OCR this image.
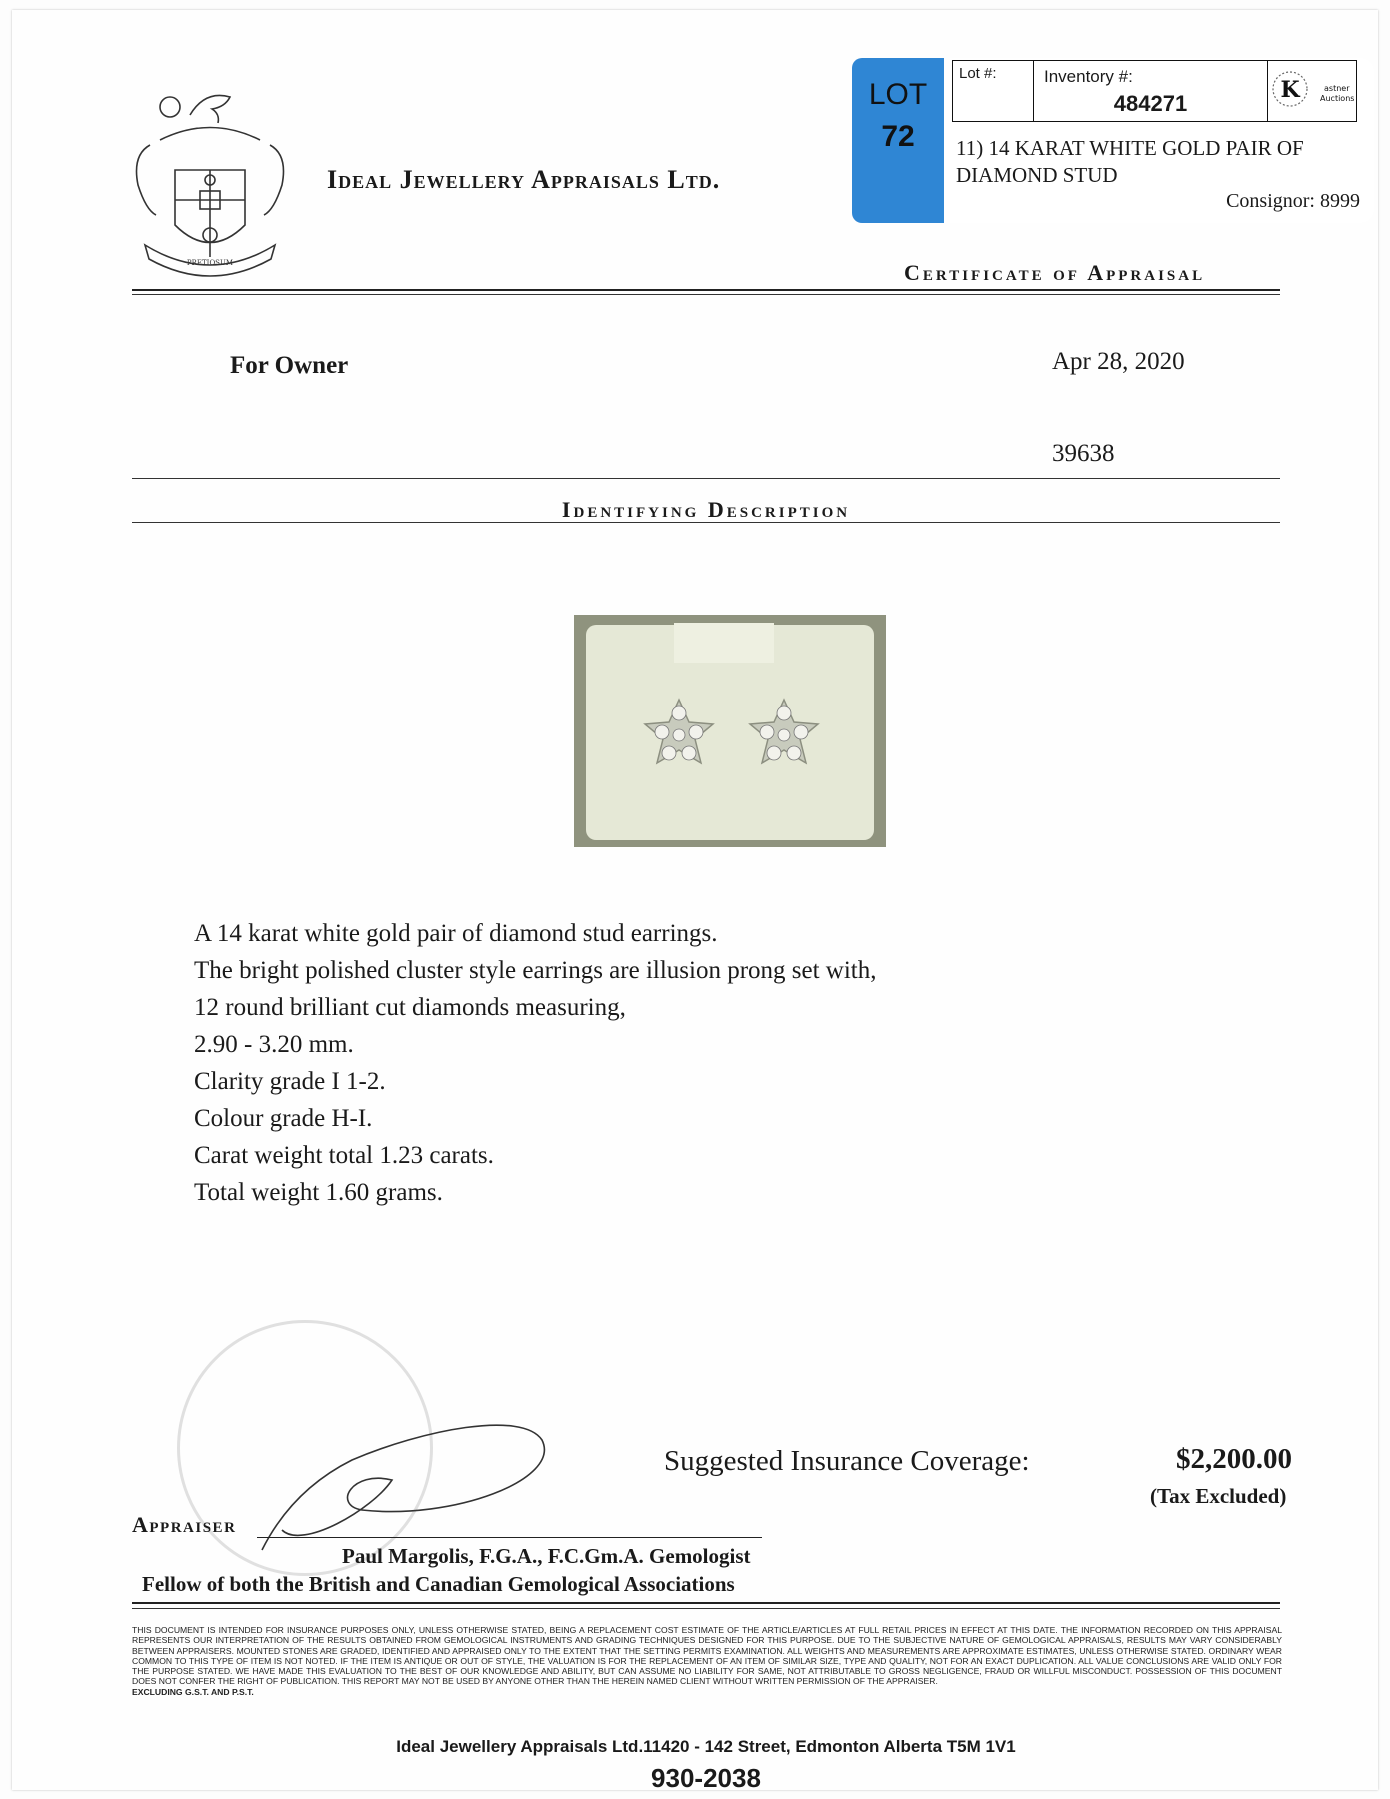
PRETIOSUM
Ideal Jewellery Appraisals Ltd.
LOT
72
Lot #:	Inventory #:
484271
K	astner
Auctions
11) 14 KARAT WHITE GOLD PAIR OF DIAMOND STUD
Consignor: 8999
Certificate of Appraisal
For Owner	Apr 28, 2020
39638
Identifying Description
A 14 karat white gold pair of diamond stud earrings.
The bright polished cluster style earrings are illusion prong set with,
12 round brilliant cut diamonds measuring,
2.90 - 3.20 mm.
Clarity grade I 1-2.
Colour grade H-I.
Carat weight total 1.23 carats.
Total weight 1.60 grams.
Suggested Insurance Coverage:	$2,200.00
(Tax Excluded)
Appraiser
Paul Margolis, F.G.A., F.C.Gm.A. Gemologist
Fellow of both the British and Canadian Gemological Associations
THIS DOCUMENT IS INTENDED FOR INSURANCE PURPOSES ONLY, UNLESS OTHERWISE STATED, BEING A REPLACEMENT COST ESTIMATE OF THE ARTICLE/ARTICLES AT FULL RETAIL PRICES IN EFFECT AT THIS DATE. THE INFORMATION RECORDED ON THIS APPRAISAL REPRESENTS OUR INTERPRETATION OF THE RESULTS OBTAINED FROM GEMOLOGICAL INSTRUMENTS AND GRADING TECHNIQUES DESIGNED FOR THIS PURPOSE. DUE TO THE SUBJECTIVE NATURE OF GEMOLOGICAL APPRAISALS, RESULTS MAY VARY CONSIDERABLY BETWEEN APPRAISERS. MOUNTED STONES ARE GRADED, IDENTIFIED AND APPRAISED ONLY TO THE EXTENT THAT THE SETTING PERMITS EXAMINATION. ALL WEIGHTS AND MEASUREMENTS ARE APPROXIMATE ESTIMATES, UNLESS OTHERWISE STATED. ORDINARY WEAR COMMON TO THIS TYPE OF ITEM IS NOT NOTED. IF THE ITEM IS ANTIQUE OR OUT OF STYLE, THE VALUATION IS FOR THE REPLACEMENT OF AN ITEM OF SIMILAR SIZE, TYPE AND QUALITY, NOT FOR AN EXACT DUPLICATION. ALL VALUE CONCLUSIONS ARE VALID ONLY FOR THE PURPOSE STATED. WE HAVE MADE THIS EVALUATION TO THE BEST OF OUR KNOWLEDGE AND ABILITY, BUT CAN ASSUME NO LIABILITY FOR SAME, NOT ATTRIBUTABLE TO GROSS NEGLIGENCE, FRAUD OR WILLFUL MISCONDUCT. POSSESSION OF THIS DOCUMENT DOES NOT CONFER THE RIGHT OF PUBLICATION. THIS REPORT MAY NOT BE USED BY ANYONE OTHER THAN THE HEREIN NAMED CLIENT WITHOUT WRITTEN PERMISSION OF THE APPRAISER.
EXCLUDING G.S.T. AND P.S.T.
Ideal Jewellery Appraisals Ltd.11420 - 142 Street, Edmonton Alberta T5M 1V1
930-2038
